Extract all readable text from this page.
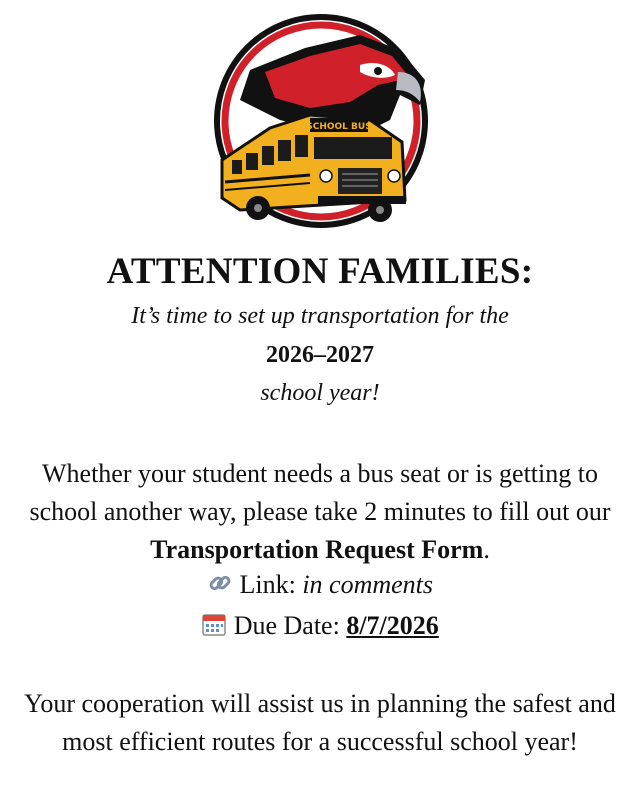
SCHOOL BUS
ATTENTION FAMILIES:
It’s time to set up transportation for the
2026–2027
school year!
Whether your student needs a bus seat or is getting to school another way, please take 2 minutes to fill out our Transportation Request Form.
Link: in comments
Due Date: 8/7/2026
Your cooperation will assist us in planning the safest and most efficient routes for a successful school year!
